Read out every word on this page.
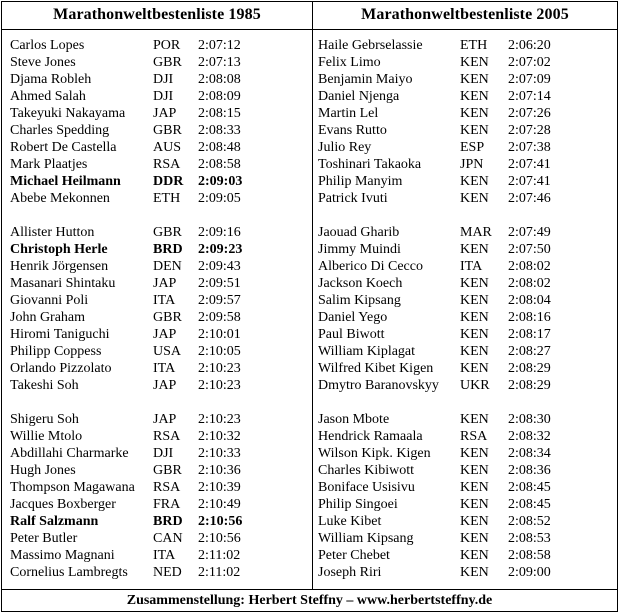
Marathonweltbestenliste 1985	Marathonweltbestenliste 2005
Carlos Lopes	POR 2:07:12
Steve Jones	GBR 2:07:13
Djama Robleh	DJI 2:08:08
Ahmed Salah	DJI 2:08:09
Takeyuki Nakayama JAP 2:08:15
Charles Spedding	GBR 2:08:33
Robert De Castella	AUS 2:08:48
Mark Plaatjes	RSA 2:08:58
Michael Heilmann DDR 2:09:03
Abebe Mekonnen	ETH 2:09:05
Allister Hutton	GBR 2:09:16
Christoph Herle	BRD 2:09:23
Henrik Jörgensen	DEN 2:09:43
Masanari Shintaku	JAP 2:09:51
Giovanni Poli	ITA 2:09:57
John Graham	GBR 2:09:58
Hiromi Taniguchi	JAP 2:10:01
Philipp Coppess	USA 2:10:05
Orlando Pizzolato	ITA 2:10:23
Takeshi Soh	JAP 2:10:23
Shigeru Soh	JAP 2:10:23
Willie Mtolo	RSA 2:10:32
Abdillahi Charmarke DJI 2:10:33
Hugh Jones	GBR 2:10:36
Thompson Magawana RSA 2:10:39
Jacques Boxberger	FRA 2:10:49
Ralf Salzmann	BRD 2:10:56
Peter Butler	CAN 2:10:56
Massimo Magnani	ITA 2:11:02
Cornelius Lambregts NED 2:11:02
Haile Gebrselassie	ETH 2:06:20
Felix Limo	KEN 2:07:02
Benjamin Maiyo	KEN 2:07:09
Daniel Njenga	KEN 2:07:14
Martin Lel	KEN 2:07:26
Evans Rutto	KEN 2:07:28
Julio Rey	ESP 2:07:38
Toshinari Takaoka	JPN 2:07:41
Philip Manyim	KEN 2:07:41
Patrick Ivuti	KEN 2:07:46
Jaouad Gharib	MAR 2:07:49
Jimmy Muindi	KEN 2:07:50
Alberico Di Cecco	ITA 2:08:02
Jackson Koech	KEN 2:08:02
Salim Kipsang	KEN 2:08:04
Daniel Yego	KEN 2:08:16
Paul Biwott	KEN 2:08:17
William Kiplagat	KEN 2:08:27
Wilfred Kibet Kigen KEN 2:08:29
Dmytro Baranovskyy UKR 2:08:29
Jason Mbote	KEN 2:08:30
Hendrick Ramaala	RSA 2:08:32
Wilson Kipk. Kigen KEN 2:08:34
Charles Kibiwott	KEN 2:08:36
Boniface Usisivu	KEN 2:08:45
Philip Singoei	KEN 2:08:45
Luke Kibet	KEN 2:08:52
William Kipsang	KEN 2:08:53
Peter Chebet	KEN 2:08:58
Joseph Riri	KEN 2:09:00
Zusammenstellung: Herbert Steffny – www.herbertsteffny.de
